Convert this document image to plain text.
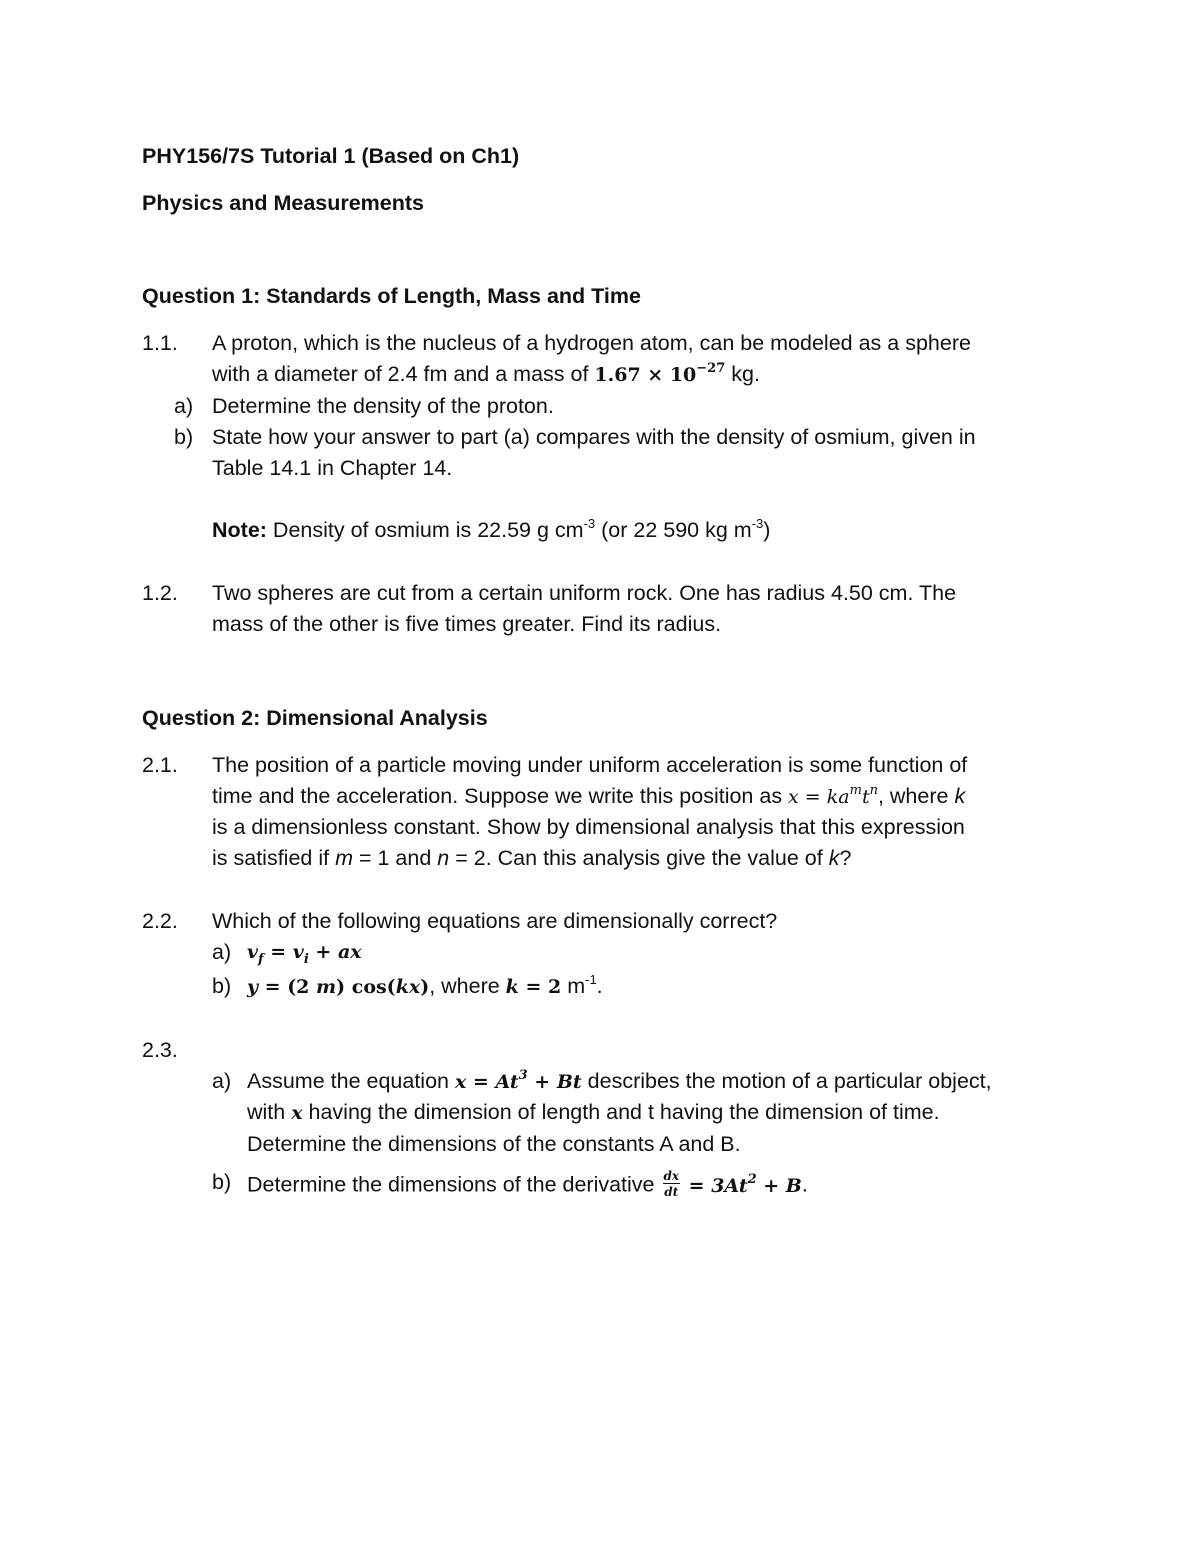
PHY156/7S Tutorial 1 (Based on Ch1)
Physics and Measurements
Question 1: Standards of Length, Mass and Time
1.1. A proton, which is the nucleus of a hydrogen atom, can be modeled as a sphere
with a diameter of 2.4 fm and a mass of $1.67 \times 10^{-27}$ kg.
a) Determine the density of the proton.
b) State how your answer to part (a) compares with the density of osmium, given in
Table 14.1 in Chapter 14.
Note: Density of osmium is 22.59 g $cm^{-3}$ (or 22 590 kg $m^{-3}$)
1.2. Two spheres are cut from a certain uniform rock. One has radius 4.50 cm. The
mass of the other is five times greater. Find its radius.
Question 2: Dimensional Analysis
2.1. The position of a particle moving under uniform acceleration is some function of
time and the acceleration. Suppose we write this position as $x = ka^mt^n$, where k
is a dimensionless constant. Show by dimensional analysis that this expression
is satisfied if m = 1 and n = 2. Can this analysis give the value of k?
2.2. Which of the following equations are dimensionally correct?
a) $v_f = v_i$ + ax
b) y = (2 m) cos(kx), where k = 2 $m^{-1}$.
2.3.
a) Assume the equation $x = At^3 + Bt$ describes the motion of a particular object,
with x having the dimension of length and t having the dimension of time.
Determine the dimensions of the constants A and B.
b) Determine the dimensions of the derivative $\frac{dx}{dt} = 3At^2 + B$.
